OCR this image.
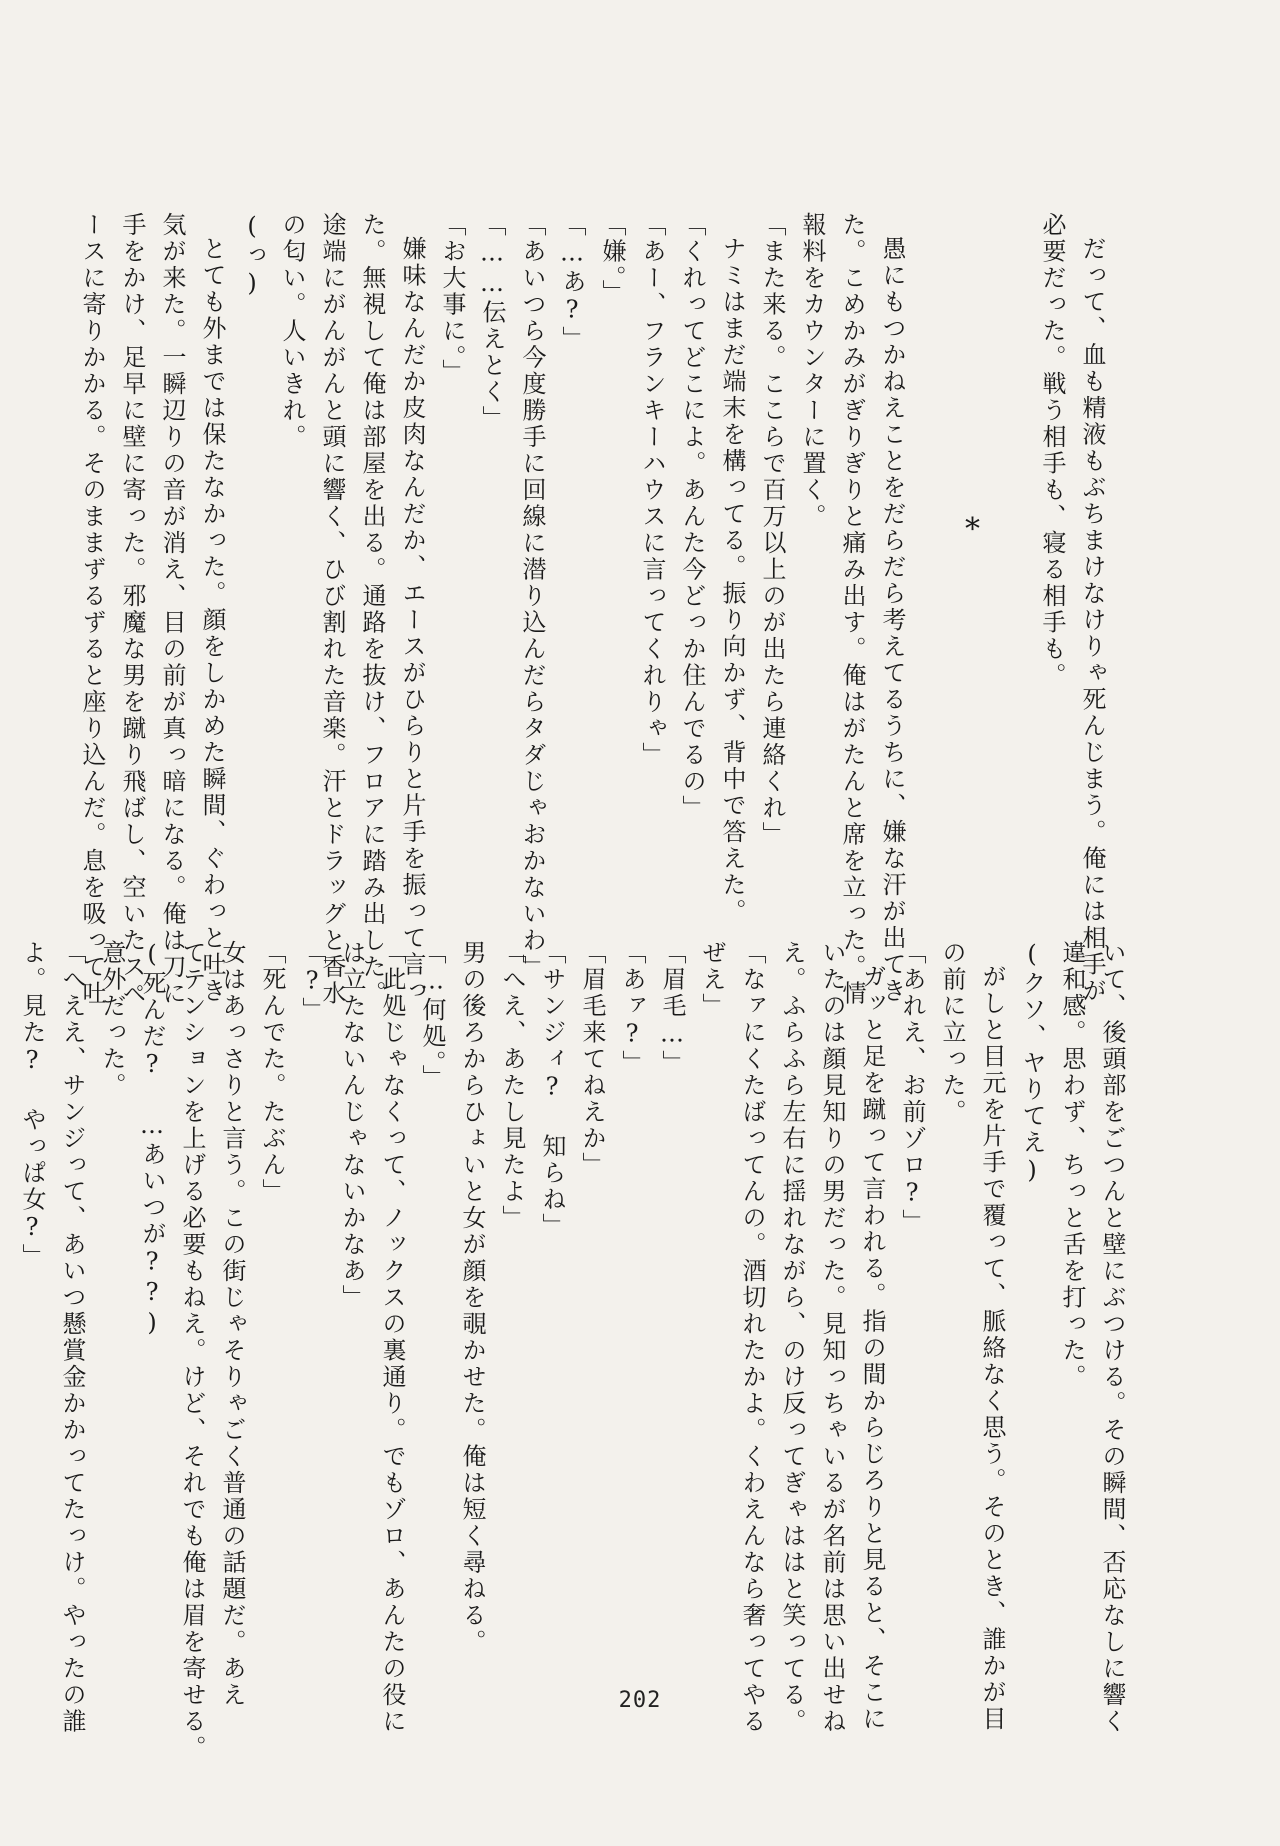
だって、血も精液もぶちまけなけりゃ死んじまう。俺には相手が
必要だった。戦う相手も、寝る相手も。
*
愚にもつかねえことをだらだら考えてるうちに、嫌な汗が出てき
た。こめかみがぎりぎりと痛み出す。俺はがたんと席を立った。情
報料をカウンターに置く。
「また来る。ここらで百万以上のが出たら連絡くれ」
ナミはまだ端末を構ってる。振り向かず、背中で答えた。
「くれってどこによ。あんた今どっか住んでるの」
「あー、フランキーハウスに言ってくれりゃ」
「嫌。」
「…あ?」
「あいつら今度勝手に回線に潜り込んだらタダじゃおかないわ」
「……伝えとく」
「お大事に。」
嫌味なんだか皮肉なんだか、エースがひらりと片手を振って言っ
た。無視して俺は部屋を出る。通路を抜け、フロアに踏み出した。
途端にがんがんと頭に響く、ひび割れた音楽。汗とドラッグと香水
の匂い。人いきれ。
(っ)
とても外までは保たなかった。顔をしかめた瞬間、ぐわっと吐き
気が来た。一瞬辺りの音が消え、目の前が真っ暗になる。俺は刀に
手をかけ、足早に壁に寄った。邪魔な男を蹴り飛ばし、空いたスペ
ースに寄りかかる。そのままずるずると座り込んだ。息を吸って吐
いて、後頭部をごつんと壁にぶつける。その瞬間、否応なしに響く
違和感。思わず、ちっと舌を打った。
(クソ、ヤりてえ)
がしと目元を片手で覆って、脈絡なく思う。そのとき、誰かが目
の前に立った。
「あれえ、お前ゾロ?」
ガッと足を蹴って言われる。指の間からじろりと見ると、そこに
いたのは顔見知りの男だった。見知っちゃいるが名前は思い出せね
え。ふらふら左右に揺れながら、のけ反ってぎゃははと笑ってる。
「なァにくたばってんの。酒切れたかよ。くわえんなら奢ってやる
ぜえ」
「眉毛…」
「あァ?」
「眉毛来てねえか」
「サンジィ? 知らね」
「へえ、あたし見たよ」
男の後ろからひょいと女が顔を覗かせた。俺は短く尋ねる。
「…何処。」
「此処じゃなくって、ノックスの裏通り。でもゾロ、あんたの役に
は立たないんじゃないかなあ」
「?」
「死んでた。たぶん」
女はあっさりと言う。この街じゃそりゃごく普通の話題だ。あえ
てテンションを上げる必要もねえ。けど、それでも俺は眉を寄せる。
(死んだ? …あいつが??)
意外だった。
「へええ、サンジって、あいつ懸賞金かかってたっけ。やったの誰
よ。見た? やっぱ女?」
202
